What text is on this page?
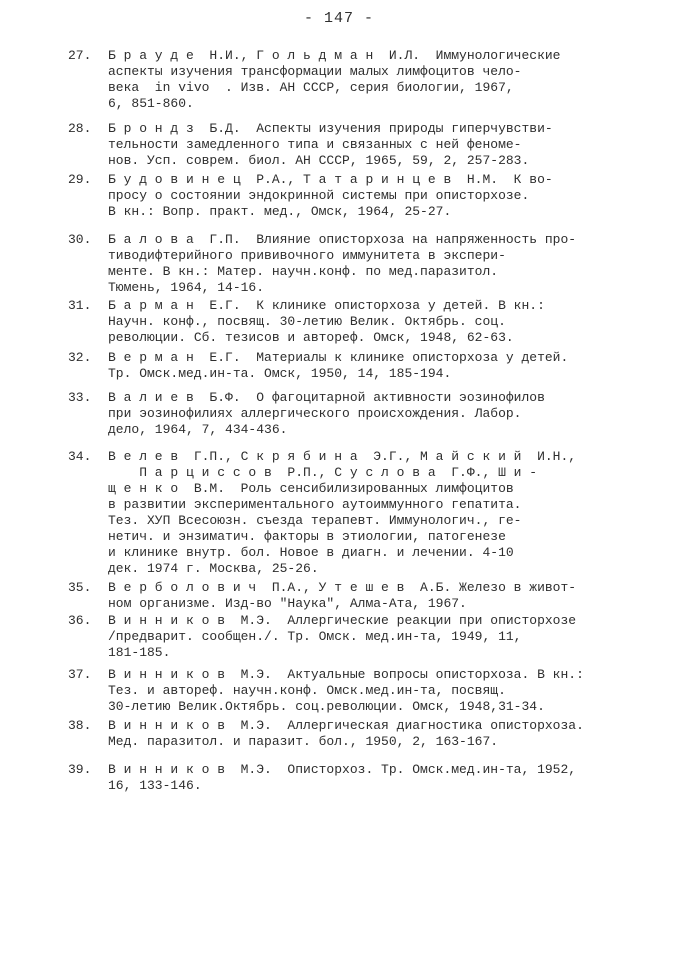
- 147 -
27. Б р а у д е  Н.И., Г о л ь д м а н  И.Л.  Иммунологические
аспекты изучения трансформации малых лимфоцитов чело-
века  in vivo  . Изв. АН СССР, серия биологии, 1967,
6, 851-860.
28. Б р о н д з  Б.Д.  Аспекты изучения природы гиперчувстви-
тельности замедленного типа и связанных с ней феноме-
нов. Усп. соврем. биол. АН СССР, 1965, 59, 2, 257-283.
29. Б у д о в и н е ц  Р.А., Т а т а р и н ц е в  Н.М.  К во-
просу о состоянии эндокринной системы при описторхозе.
В кн.: Вопр. практ. мед., Омск, 1964, 25-27.
30. Б а л о в а  Г.П.  Влияние описторхоза на напряженность про-
тиводифтерийного прививочного иммунитета в экспери-
менте. В кн.: Матер. научн.конф. по мед.паразитол.
Тюмень, 1964, 14-16.
31. Б а р м а н  Е.Г.  К клинике описторхоза у детей. В кн.:
Научн. конф., посвящ. 30-летию Велик. Октябрь. соц.
революции. Сб. тезисов и автореф. Омск, 1948, 62-63.
32. В е р м а н  Е.Г.  Материалы к клинике описторхоза у детей.
Тр. Омск.мед.ин-та. Омск, 1950, 14, 185-194.
33. В а л и е в  Б.Ф.  О фагоцитарной активности эозинофилов
при эозинофилиях аллергического происхождения. Лабор.
дело, 1964, 7, 434-436.
34. В е л е в  Г.П., С к р я б и н а  Э.Г., М а й с к и й  И.Н.,
П а р ц и с с о в  Р.П., С у с л о в а  Г.Ф., Ш и -
щ е н к о  В.М.  Роль сенсибилизированных лимфоцитов
в развитии экспериментального аутоиммунного гепатита.
Тез. ХУП Всесоюзн. съезда терапевт. Иммунологич., ге-
нетич. и энзиматич. факторы в этиологии, патогенезе
и клинике внутр. бол. Новое в диагн. и лечении. 4-10
дек. 1974 г. Москва, 25-26.
35. В е р б о л о в и ч  П.А., У т е ш е в  А.Б. Железо в живот-
ном организме. Изд-во "Наука", Алма-Ата, 1967.
36. В и н н и к о в  М.Э.  Аллергические реакции при описторхозе
/предварит. сообщен./. Тр. Омск. мед.ин-та, 1949, 11,
181-185.
37. В и н н и к о в  М.Э.  Актуальные вопросы описторхоза. В кн.:
Тез. и автореф. научн.конф. Омск.мед.ин-та, посвящ.
30-летию Велик.Октябрь. соц.революции. Омск, 1948,31-34.
38. В и н н и к о в  М.Э.  Аллергическая диагностика описторхоза.
Мед. паразитол. и паразит. бол., 1950, 2, 163-167.
39. В и н н и к о в  М.Э.  Описторхоз. Тр. Омск.мед.ин-та, 1952,
16, 133-146.
